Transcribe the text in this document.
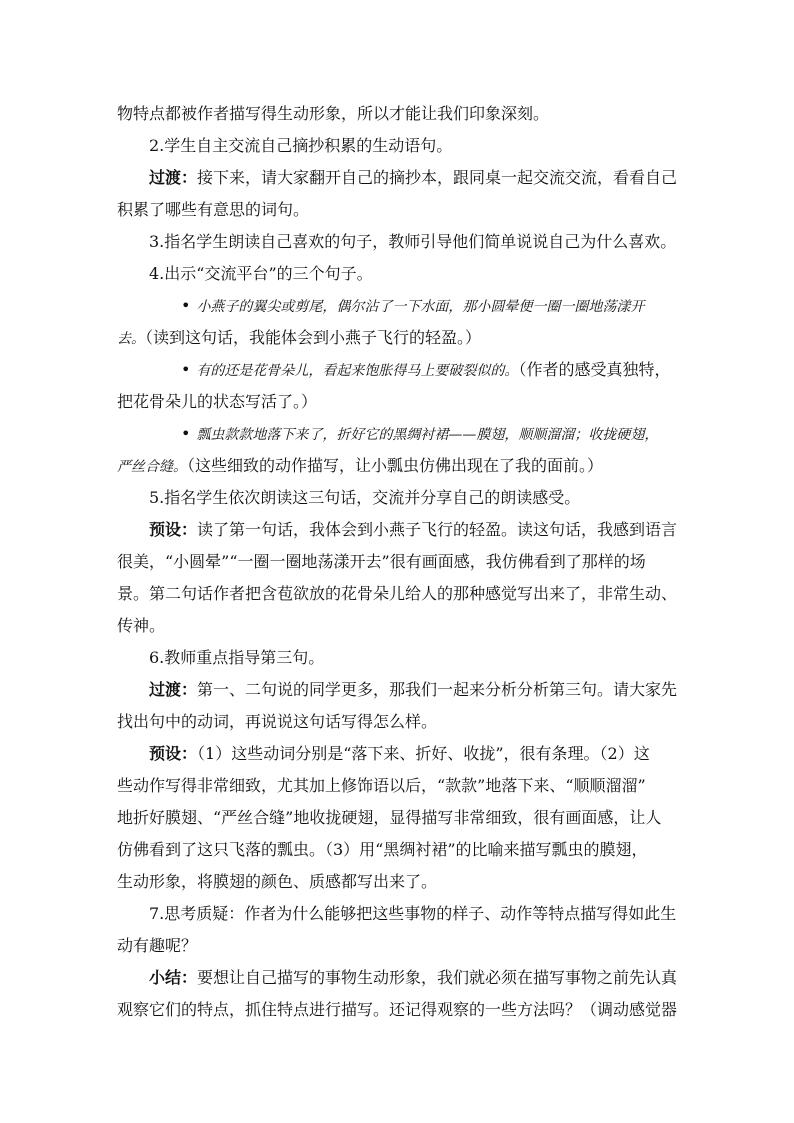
物特点都被作者描写得生动形象，所以才能让我们印象深刻。
2.学生自主交流自己摘抄积累的生动语句。
过渡：接下来，请大家翻开自己的摘抄本，跟同桌一起交流交流，看看自己
积累了哪些有意思的词句。
3.指名学生朗读自己喜欢的句子，教师引导他们简单说说自己为什么喜欢。
4.出示“交流平台”的三个句子。
• 小燕子的翼尖或剪尾，偶尔沾了一下水面，那小圆晕便一圈一圈地荡漾开
去。（读到这句话，我能体会到小燕子飞行的轻盈。）
• 有的还是花骨朵儿，看起来饱胀得马上要破裂似的。（作者的感受真独特，
把花骨朵儿的状态写活了。）
• 瓢虫款款地落下来了，折好它的黑绸衬裙——膜翅，顺顺溜溜；收拢硬翅，
严丝合缝。（这些细致的动作描写，让小瓢虫仿佛出现在了我的面前。）
5.指名学生依次朗读这三句话，交流并分享自己的朗读感受。
预设：读了第一句话，我体会到小燕子飞行的轻盈。读这句话，我感到语言
很美，“小圆晕”“一圈一圈地荡漾开去”很有画面感，我仿佛看到了那样的场
景。第二句话作者把含苞欲放的花骨朵儿给人的那种感觉写出来了，非常生动、
传神。
6.教师重点指导第三句。
过渡：第一、二句说的同学更多，那我们一起来分析分析第三句。请大家先
找出句中的动词，再说说这句话写得怎么样。
预设：（1）这些动词分别是“落下来、折好、收拢”，很有条理。（2）这
些动作写得非常细致，尤其加上修饰语以后，“款款”地落下来、“顺顺溜溜”
地折好膜翅、“严丝合缝”地收拢硬翅，显得描写非常细致，很有画面感，让人
仿佛看到了这只飞落的瓢虫。（3）用“黑绸衬裙”的比喻来描写瓢虫的膜翅，
生动形象，将膜翅的颜色、质感都写出来了。
7.思考质疑：作者为什么能够把这些事物的样子、动作等特点描写得如此生
动有趣呢？
小结：要想让自己描写的事物生动形象，我们就必须在描写事物之前先认真
观察它们的特点，抓住特点进行描写。还记得观察的一些方法吗？（调动感觉器
